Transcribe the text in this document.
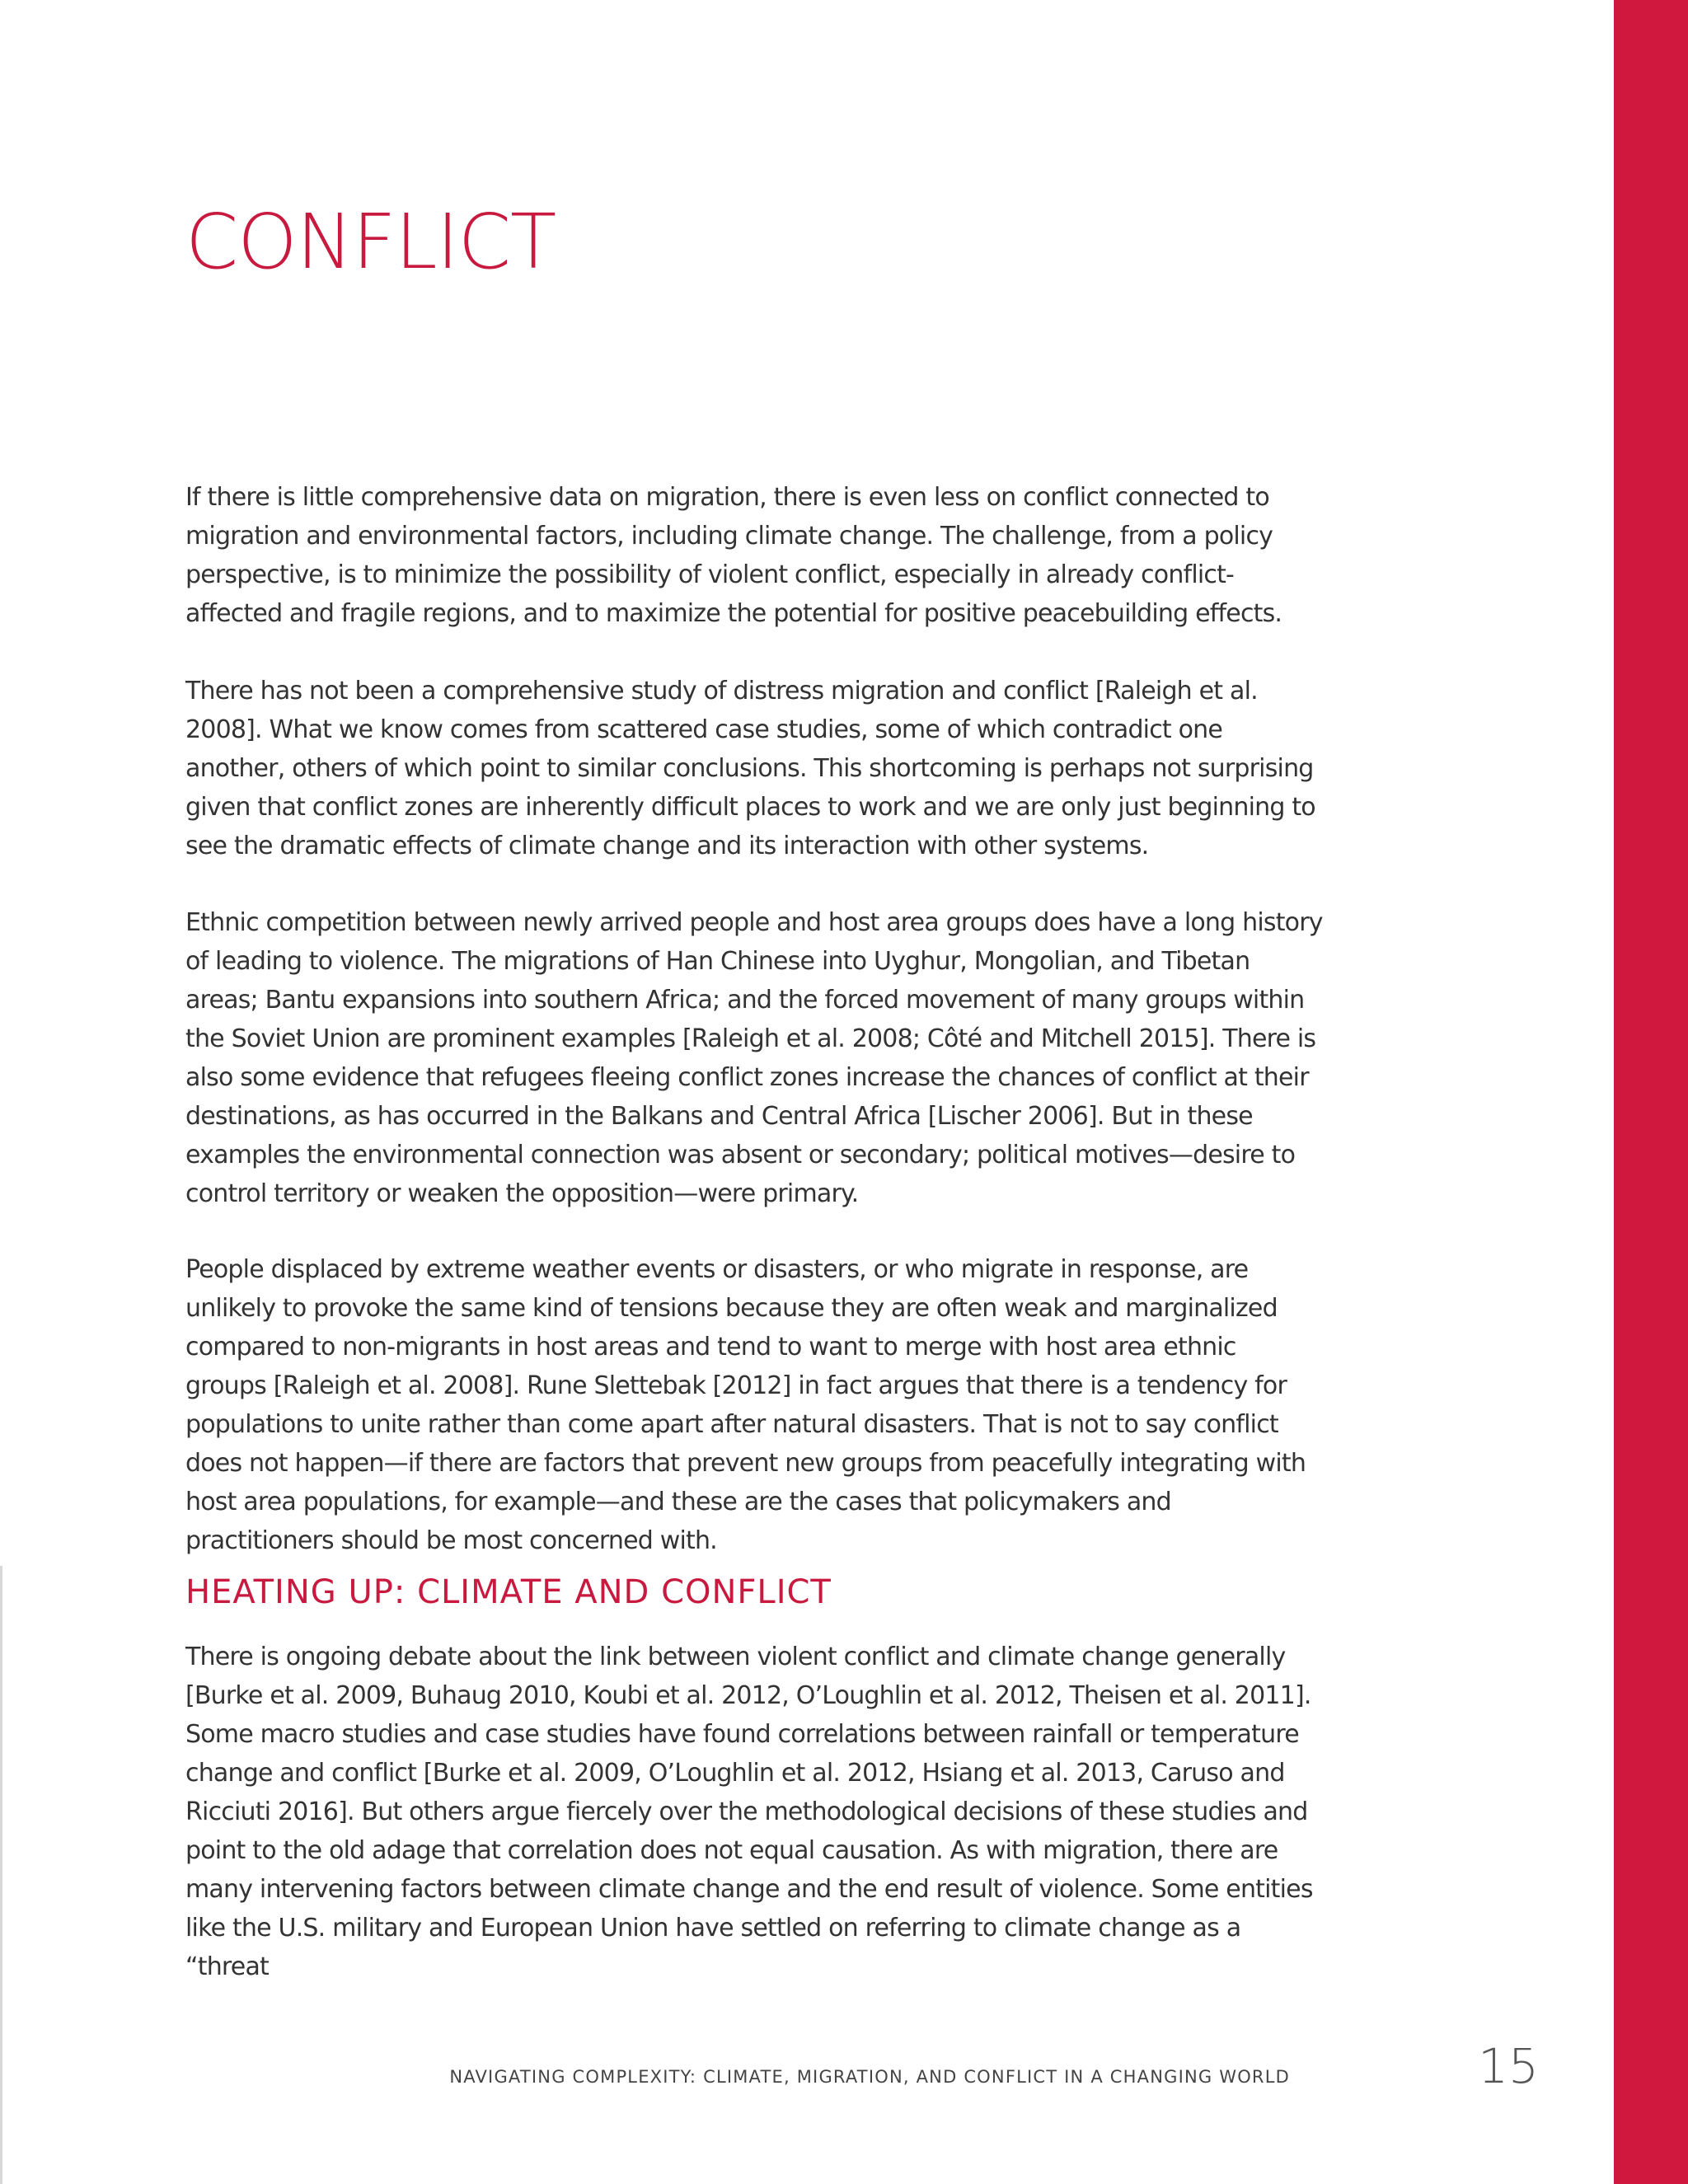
CONFLICT

If there is little comprehensive data on migration, there is even less on conflict connected to migration and environmental factors, including climate change. The challenge, from a policy perspective, is to minimize the possibility of violent conflict, especially in already conflict-affected and fragile regions, and to maximize the potential for positive peacebuilding effects.

There has not been a comprehensive study of distress migration and conflict [Raleigh et al. 2008]. What we know comes from scattered case studies, some of which contradict one another, others of which point to similar conclusions. This shortcoming is perhaps not surprising given that conflict zones are inherently difficult places to work and we are only just beginning to see the dramatic effects of climate change and its interaction with other systems.

Ethnic competition between newly arrived people and host area groups does have a long history of leading to violence. The migrations of Han Chinese into Uyghur, Mongolian, and Tibetan areas; Bantu expansions into southern Africa; and the forced movement of many groups within the Soviet Union are prominent examples [Raleigh et al. 2008; Côté and Mitchell 2015]. There is also some evidence that refugees fleeing conflict zones increase the chances of conflict at their destinations, as has occurred in the Balkans and Central Africa [Lischer 2006]. But in these examples the environmental connection was absent or secondary; political motives—desire to control territory or weaken the opposition—were primary.

People displaced by extreme weather events or disasters, or who migrate in response, are unlikely to provoke the same kind of tensions because they are often weak and marginalized compared to non-migrants in host areas and tend to want to merge with host area ethnic groups [Raleigh et al. 2008]. Rune Slettebak [2012] in fact argues that there is a tendency for populations to unite rather than come apart after natural disasters. That is not to say conflict does not happen—if there are factors that prevent new groups from peacefully integrating with host area populations, for example—and these are the cases that policymakers and practitioners should be most concerned with.

HEATING UP: CLIMATE AND CONFLICT

There is ongoing debate about the link between violent conflict and climate change generally [Burke et al. 2009, Buhaug 2010, Koubi et al. 2012, O’Loughlin et al. 2012, Theisen et al. 2011]. Some macro studies and case studies have found correlations between rainfall or temperature change and conflict [Burke et al. 2009, O’Loughlin et al. 2012, Hsiang et al. 2013, Caruso and Ricciuti 2016]. But others argue fiercely over the methodological decisions of these studies and point to the old adage that correlation does not equal causation. As with migration, there are many intervening factors between climate change and the end result of violence. Some entities like the U.S. military and European Union have settled on referring to climate change as a “threat

NAVIGATING COMPLEXITY: CLIMATE, MIGRATION, AND CONFLICT IN A CHANGING WORLD	15
